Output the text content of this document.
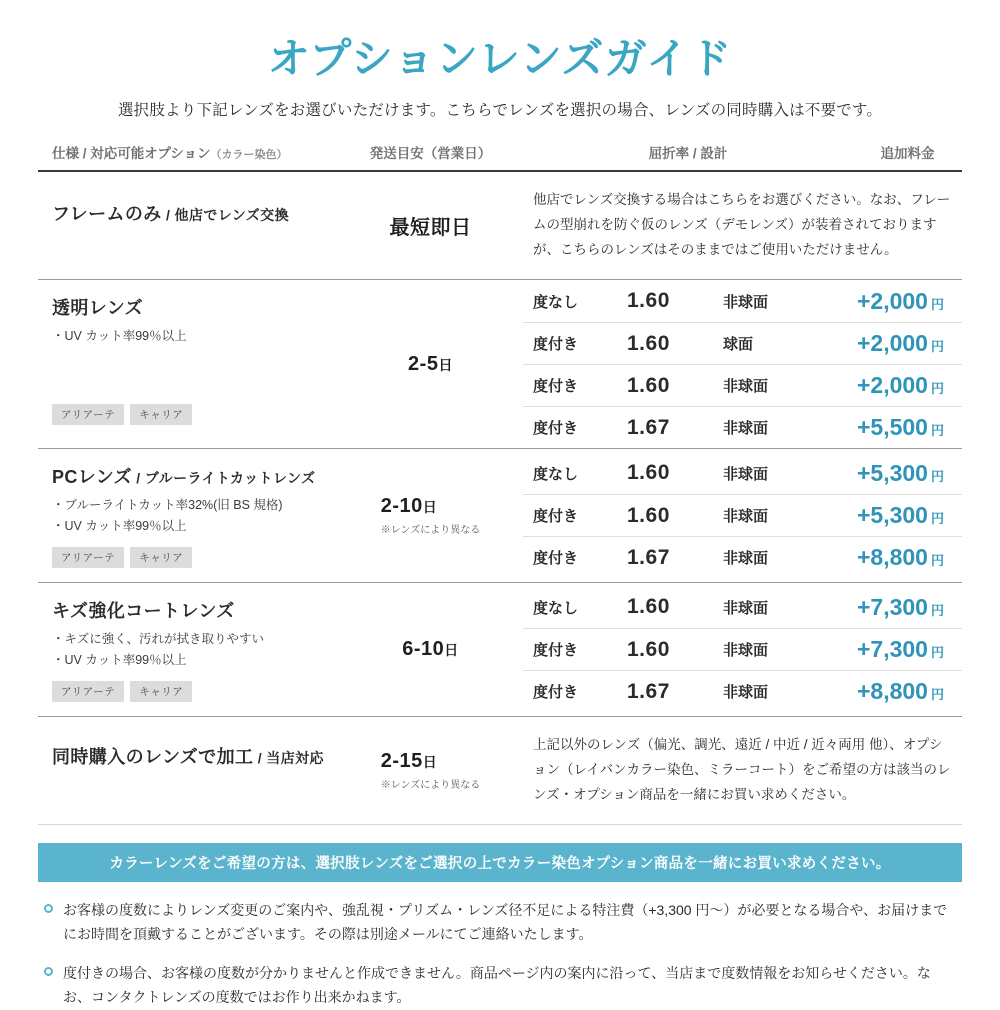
オプションレンズガイド
選択肢より下記レンズをお選びいただけます。こちらでレンズを選択の場合、レンズの同時購入は不要です。
仕様 / 対応可能オプション（カラー染色）	発送目安（営業日）	屈折率 / 設計	追加料金
フレームのみ / 他店でレンズ交換
最短即日
他店でレンズ交換する場合はこちらをお選びください。なお、フレームの型崩れを防ぐ仮のレンズ（デモレンズ）が装着されておりますが、こちらのレンズはそのままではご使用いただけません。
透明レンズ
・UV カット率99％以上
アリアーテ	キャリア
2-5日
度なし	1.60	非球面	+2,000 円
度付き	1.60	球面	+2,000 円
度付き	1.60	非球面	+2,000 円
度付き	1.67	非球面	+5,500 円
PCレンズ / ブルーライトカットレンズ
・ブルーライトカット率32%(旧 BS 規格)
・UV カット率99％以上
アリアーテ	キャリア
2-10日
※レンズにより異なる
度なし	1.60	非球面	+5,300 円
度付き	1.60	非球面	+5,300 円
度付き	1.67	非球面	+8,800 円
キズ強化コートレンズ
・キズに強く、汚れが拭き取りやすい
・UV カット率99％以上
アリアーテ	キャリア
6-10日
度なし	1.60	非球面	+7,300 円
度付き	1.60	非球面	+7,300 円
度付き	1.67	非球面	+8,800 円
同時購入のレンズで加工 / 当店対応	2-15日
※レンズにより異なる
上記以外のレンズ（偏光、調光、遠近 / 中近 / 近々両用 他）、オプション（レイバンカラー染色、ミラーコート）をご希望の方は該当のレンズ・オプション商品を一緒にお買い求めください。
カラーレンズをご希望の方は、選択肢レンズをご選択の上でカラー染色オプション商品を一緒にお買い求めください。
お客様の度数によりレンズ変更のご案内や、強乱視・プリズム・レンズ径不足による特注費（+3,300 円～）が必要となる場合や、お届けまでにお時間を頂戴することがございます。その際は別途メールにてご連絡いたします。
度付きの場合、お客様の度数が分かりませんと作成できません。商品ページ内の案内に沿って、当店まで度数情報をお知らせください。なお、コンタクトレンズの度数ではお作り出来かねます。
